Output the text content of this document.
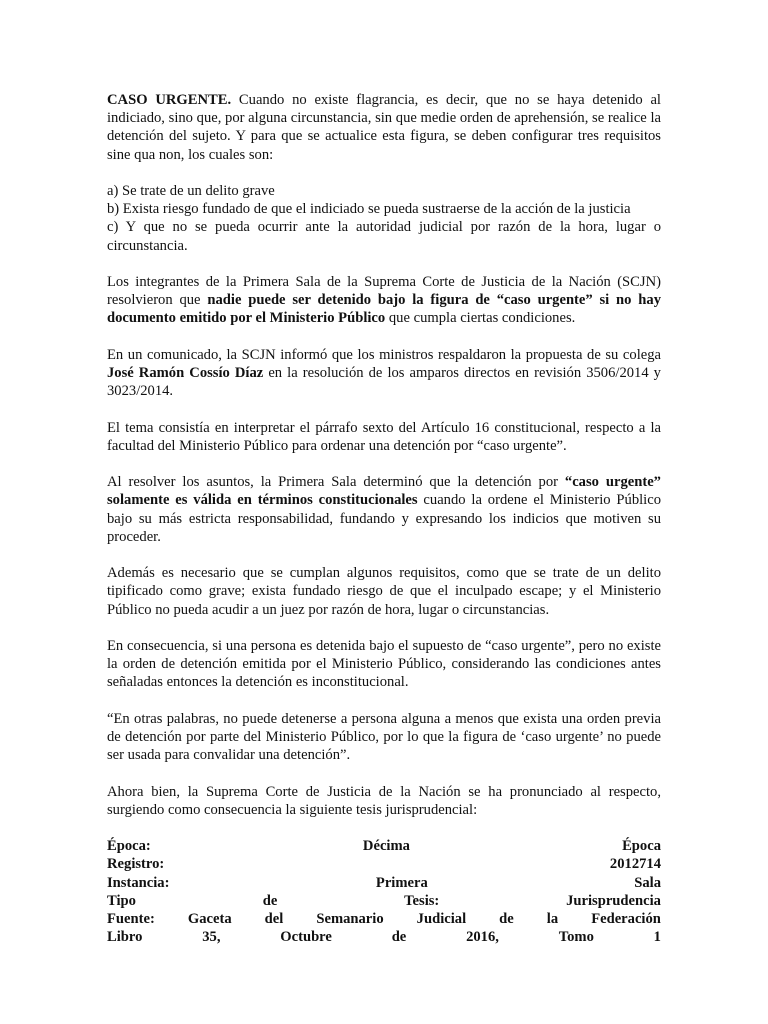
CASO URGENTE. Cuando no existe flagrancia, es decir, que no se haya detenido al indiciado, sino que, por alguna circunstancia, sin que medie orden de aprehensión, se realice la detención del sujeto. Y para que se actualice esta figura, se deben configurar tres requisitos sine qua non, los cuales son:

a) Se trate de un delito grave
b) Exista riesgo fundado de que el indiciado se pueda sustraerse de la acción de la justicia
c) Y que no se pueda ocurrir ante la autoridad judicial por razón de la hora, lugar o circunstancia.

Los integrantes de la Primera Sala de la Suprema Corte de Justicia de la Nación (SCJN) resolvieron que nadie puede ser detenido bajo la figura de “caso urgente” si no hay documento emitido por el Ministerio Público que cumpla ciertas condiciones.

En un comunicado, la SCJN informó que los ministros respaldaron la propuesta de su colega José Ramón Cossío Díaz en la resolución de los amparos directos en revisión 3506/2014 y 3023/2014.

El tema consistía en interpretar el párrafo sexto del Artículo 16 constitucional, respecto a la facultad del Ministerio Público para ordenar una detención por “caso urgente”.

Al resolver los asuntos, la Primera Sala determinó que la detención por “caso urgente” solamente es válida en términos constitucionales cuando la ordene el Ministerio Público bajo su más estricta responsabilidad, fundando y expresando los indicios que motiven su proceder.

Además es necesario que se cumplan algunos requisitos, como que se trate de un delito tipificado como grave; exista fundado riesgo de que el inculpado escape; y el Ministerio Público no pueda acudir a un juez por razón de hora, lugar o circunstancias.

En consecuencia, si una persona es detenida bajo el supuesto de “caso urgente”, pero no existe la orden de detención emitida por el Ministerio Público, considerando las condiciones antes señaladas entonces la detención es inconstitucional.

“En otras palabras, no puede detenerse a persona alguna a menos que exista una orden previa de detención por parte del Ministerio Público, por lo que la figura de ‘caso urgente’ no puede ser usada para convalidar una detención”.

Ahora bien, la Suprema Corte de Justicia de la Nación se ha pronunciado al respecto, surgiendo como consecuencia la siguiente tesis jurisprudencial:

Época:	Décima	Época
Registro:	2012714
Instancia:	Primera	Sala
Tipo	de	Tesis:	Jurisprudencia
Fuente: Gaceta del Semanario Judicial de la Federación
Libro	35,	Octubre	de	2016,	Tomo	1
